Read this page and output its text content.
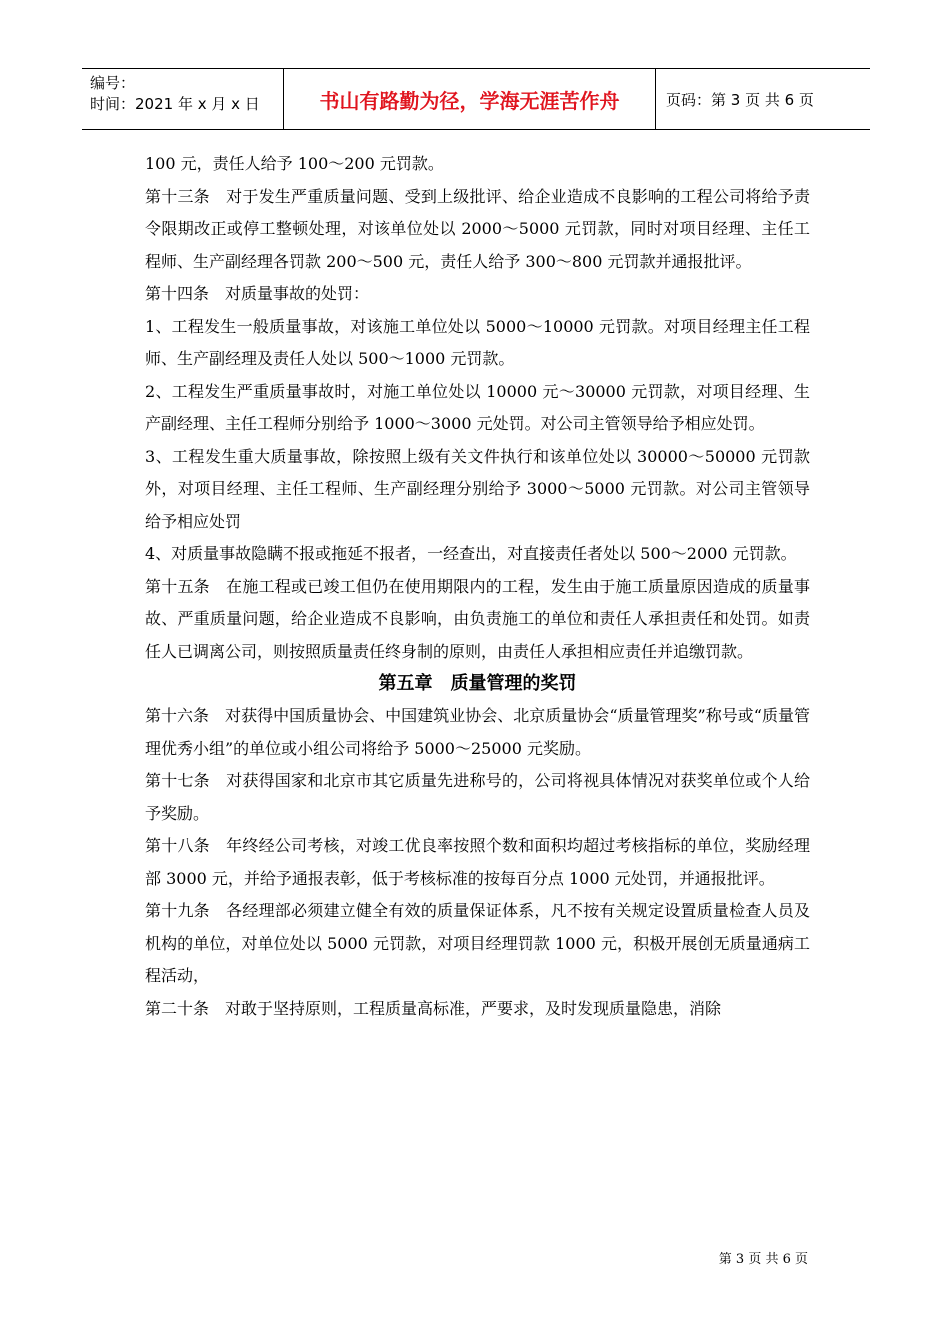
编号：
时间：2021 年 x 月 x 日	书山有路勤为径，学海无涯苦作舟	页码：第 3 页 共 6 页

100 元，责任人给予 100～200 元罚款。

第十三条　对于发生严重质量问题、受到上级批评、给企业造成不良影响的工程公司将给予责令限期改正或停工整顿处理，对该单位处以 2000～5000 元罚款，同时对项目经理、主任工程师、生产副经理各罚款 200～500 元，责任人给予 300～800 元罚款并通报批评。

第十四条　对质量事故的处罚：

1、工程发生一般质量事故，对该施工单位处以 5000～10000 元罚款。对项目经理主任工程师、生产副经理及责任人处以 500～1000 元罚款。

2、工程发生严重质量事故时，对施工单位处以 10000 元～30000 元罚款，对项目经理、生产副经理、主任工程师分别给予 1000～3000 元处罚。对公司主管领导给予相应处罚。

3、工程发生重大质量事故，除按照上级有关文件执行和该单位处以 30000～50000 元罚款外，对项目经理、主任工程师、生产副经理分别给予 3000～5000 元罚款。对公司主管领导给予相应处罚

4、对质量事故隐瞒不报或拖延不报者，一经查出，对直接责任者处以 500～2000 元罚款。

第十五条　在施工程或已竣工但仍在使用期限内的工程，发生由于施工质量原因造成的质量事故、严重质量问题，给企业造成不良影响，由负责施工的单位和责任人承担责任和处罚。如责任人已调离公司，则按照质量责任终身制的原则，由责任人承担相应责任并追缴罚款。

第五章　质量管理的奖罚

第十六条　对获得中国质量协会、中国建筑业协会、北京质量协会“质量管理奖”称号或“质量管理优秀小组”的单位或小组公司将给予 5000～25000 元奖励。

第十七条　对获得国家和北京市其它质量先进称号的，公司将视具体情况对获奖单位或个人给予奖励。

第十八条　年终经公司考核，对竣工优良率按照个数和面积均超过考核指标的单位，奖励经理部 3000 元，并给予通报表彰，低于考核标准的按每百分点 1000 元处罚，并通报批评。

第十九条　各经理部必须建立健全有效的质量保证体系，凡不按有关规定设置质量检查人员及机构的单位，对单位处以 5000 元罚款，对项目经理罚款 1000 元，积极开展创无质量通病工程活动，

第二十条　对敢于坚持原则，工程质量高标准，严要求，及时发现质量隐患，消除

第 3 页 共 6 页
